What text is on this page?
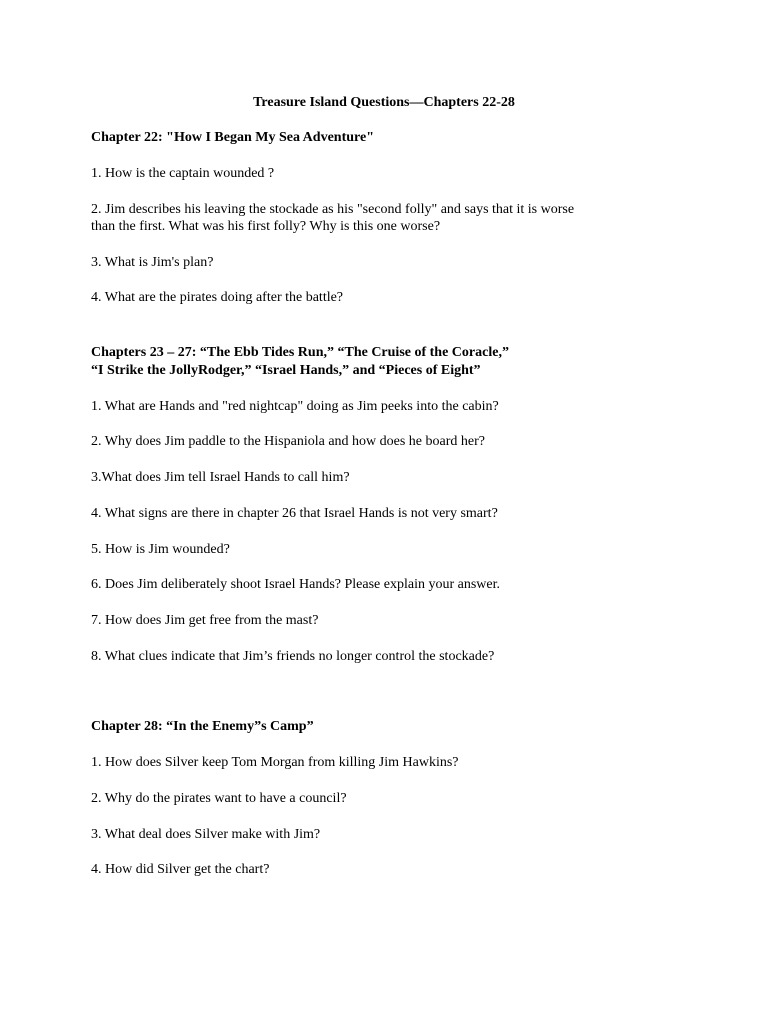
Treasure Island Questions—Chapters 22-28
Chapter 22: "How I Began My Sea Adventure"
1. How is the captain wounded ?
2. Jim describes his leaving the stockade as his "second folly" and says that it is worse
than the first. What was his first folly? Why is this one worse?
3. What is Jim's plan?
4. What are the pirates doing after the battle?
Chapters 23 – 27: “The Ebb Tides Run,” “The Cruise of the Coracle,”
“I Strike the JollyRodger,” “Israel Hands,” and “Pieces of Eight”
1. What are Hands and "red nightcap" doing as Jim peeks into the cabin?
2. Why does Jim paddle to the Hispaniola and how does he board her?
3.What does Jim tell Israel Hands to call him?
4. What signs are there in chapter 26 that Israel Hands is not very smart?
5. How is Jim wounded?
6. Does Jim deliberately shoot Israel Hands? Please explain your answer.
7. How does Jim get free from the mast?
8. What clues indicate that Jim’s friends no longer control the stockade?
Chapter 28: “In the Enemy”s Camp”
1. How does Silver keep Tom Morgan from killing Jim Hawkins?
2. Why do the pirates want to have a council?
3. What deal does Silver make with Jim?
4. How did Silver get the chart?
